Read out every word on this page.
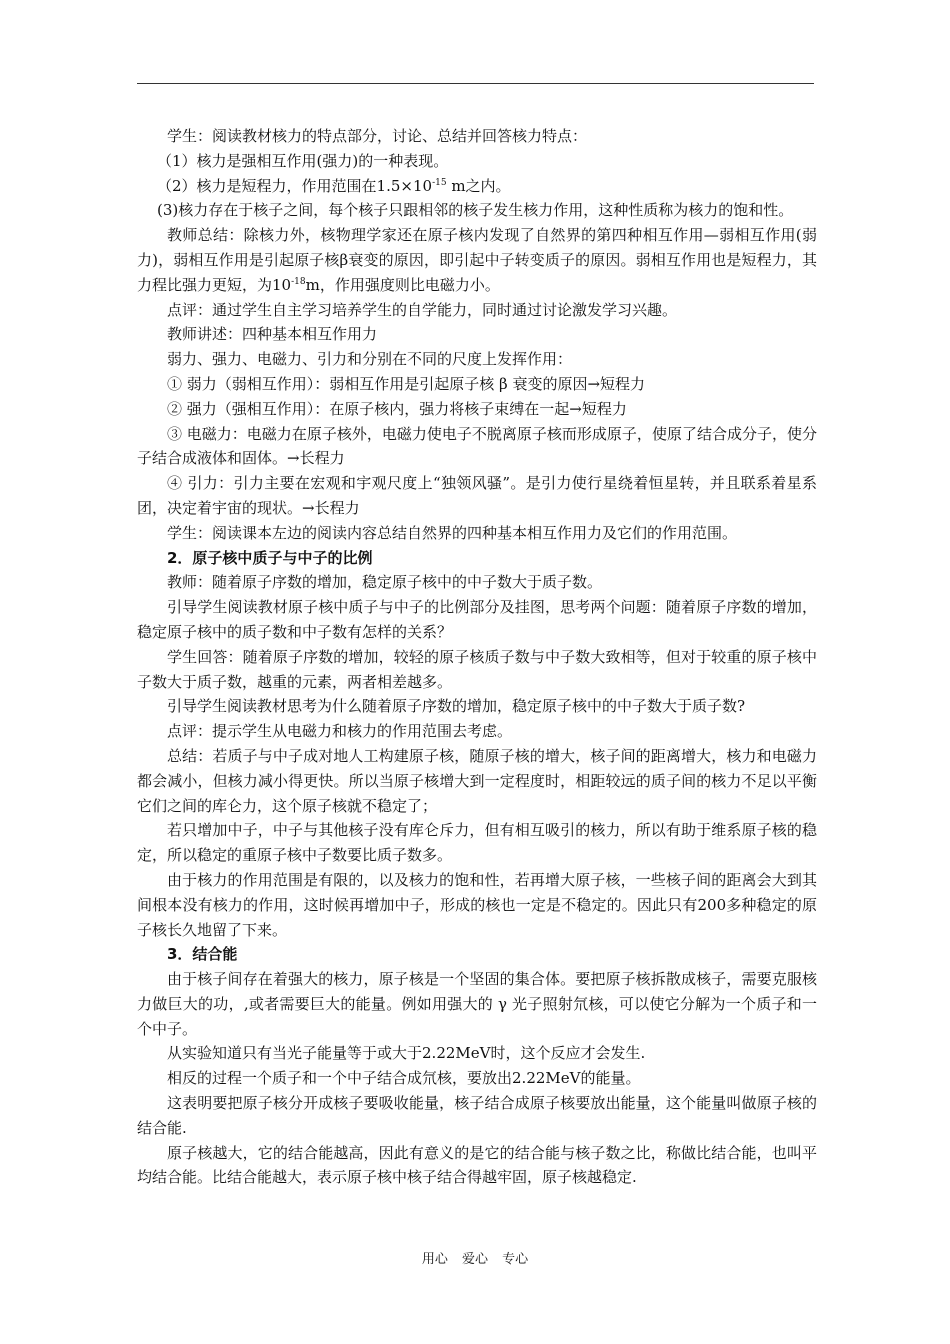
学生：阅读教材核力的特点部分，讨论、总结并回答核力特点：

（1）核力是强相互作用(强力)的一种表现。

（2）核力是短程力，作用范围在$1.5\times 10^{-15}$ m之内。

(3)核力存在于核子之间，每个核子只跟相邻的核子发生核力作用，这种性质称为核力的饱和性。

教师总结：除核力外，核物理学家还在原子核内发现了自然界的第四种相互作用—弱相互作用(弱力)，弱相互作用是引起原子核β衰变的原因，即引起中子转变质子的原因。弱相互作用也是短程力，其力程比强力更短，为$10^{-18}m$，作用强度则比电磁力小。

点评：通过学生自主学习培养学生的自学能力，同时通过讨论激发学习兴趣。

教师讲述：四种基本相互作用力

弱力、强力、电磁力、引力和分别在不同的尺度上发挥作用：

① 弱力（弱相互作用）：弱相互作用是引起原子核 β 衰变的原因→短程力

② 强力（强相互作用）：在原子核内，强力将核子束缚在一起→短程力

③ 电磁力：电磁力在原子核外，电磁力使电子不脱离原子核而形成原子，使原了结合成分子，使分子结合成液体和固体。→长程力

④ 引力：引力主要在宏观和宇观尺度上“独领风骚”。是引力使行星绕着恒星转，并且联系着星系团，决定着宇宙的现状。→长程力

学生：阅读课本左边的阅读内容总结自然界的四种基本相互作用力及它们的作用范围。

2．原子核中质子与中子的比例

教师：随着原子序数的增加，稳定原子核中的中子数大于质子数。

引导学生阅读教材原子核中质子与中子的比例部分及挂图，思考两个问题：随着原子序数的增加，稳定原子核中的质子数和中子数有怎样的关系？

学生回答：随着原子序数的增加，较轻的原子核质子数与中子数大致相等，但对于较重的原子核中子数大于质子数，越重的元素，两者相差越多。

引导学生阅读教材思考为什么随着原子序数的增加，稳定原子核中的中子数大于质子数?

点评：提示学生从电磁力和核力的作用范围去考虑。

总结：若质子与中子成对地人工构建原子核，随原子核的增大，核子间的距离增大，核力和电磁力都会减小，但核力减小得更快。所以当原子核增大到一定程度时，相距较远的质子间的核力不足以平衡它们之间的库仑力，这个原子核就不稳定了；

若只增加中子，中子与其他核子没有库仑斥力，但有相互吸引的核力，所以有助于维系原子核的稳定，所以稳定的重原子核中子数要比质子数多。

由于核力的作用范围是有限的，以及核力的饱和性，若再增大原子核，一些核子间的距离会大到其间根本没有核力的作用，这时候再增加中子，形成的核也一定是不稳定的。因此只有200多种稳定的原子核长久地留了下来。

3．结合能

由于核子间存在着强大的核力，原子核是一个坚固的集合体。要把原子核拆散成核子，需要克服核力做巨大的功，,或者需要巨大的能量。例如用强大的 γ 光子照射氘核，可以使它分解为一个质子和一个中子。

从实验知道只有当光子能量等于或大于2.22MeV时，这个反应才会发生.

相反的过程一个质子和一个中子结合成氘核，要放出2.22MeV的能量。

这表明要把原子核分开成核子要吸收能量，核子结合成原子核要放出能量，这个能量叫做原子核的结合能.

原子核越大，它的结合能越高，因此有意义的是它的结合能与核子数之比，称做比结合能，也叫平均结合能。比结合能越大，表示原子核中核子结合得越牢固，原子核越稳定.

用心 爱心 专心
